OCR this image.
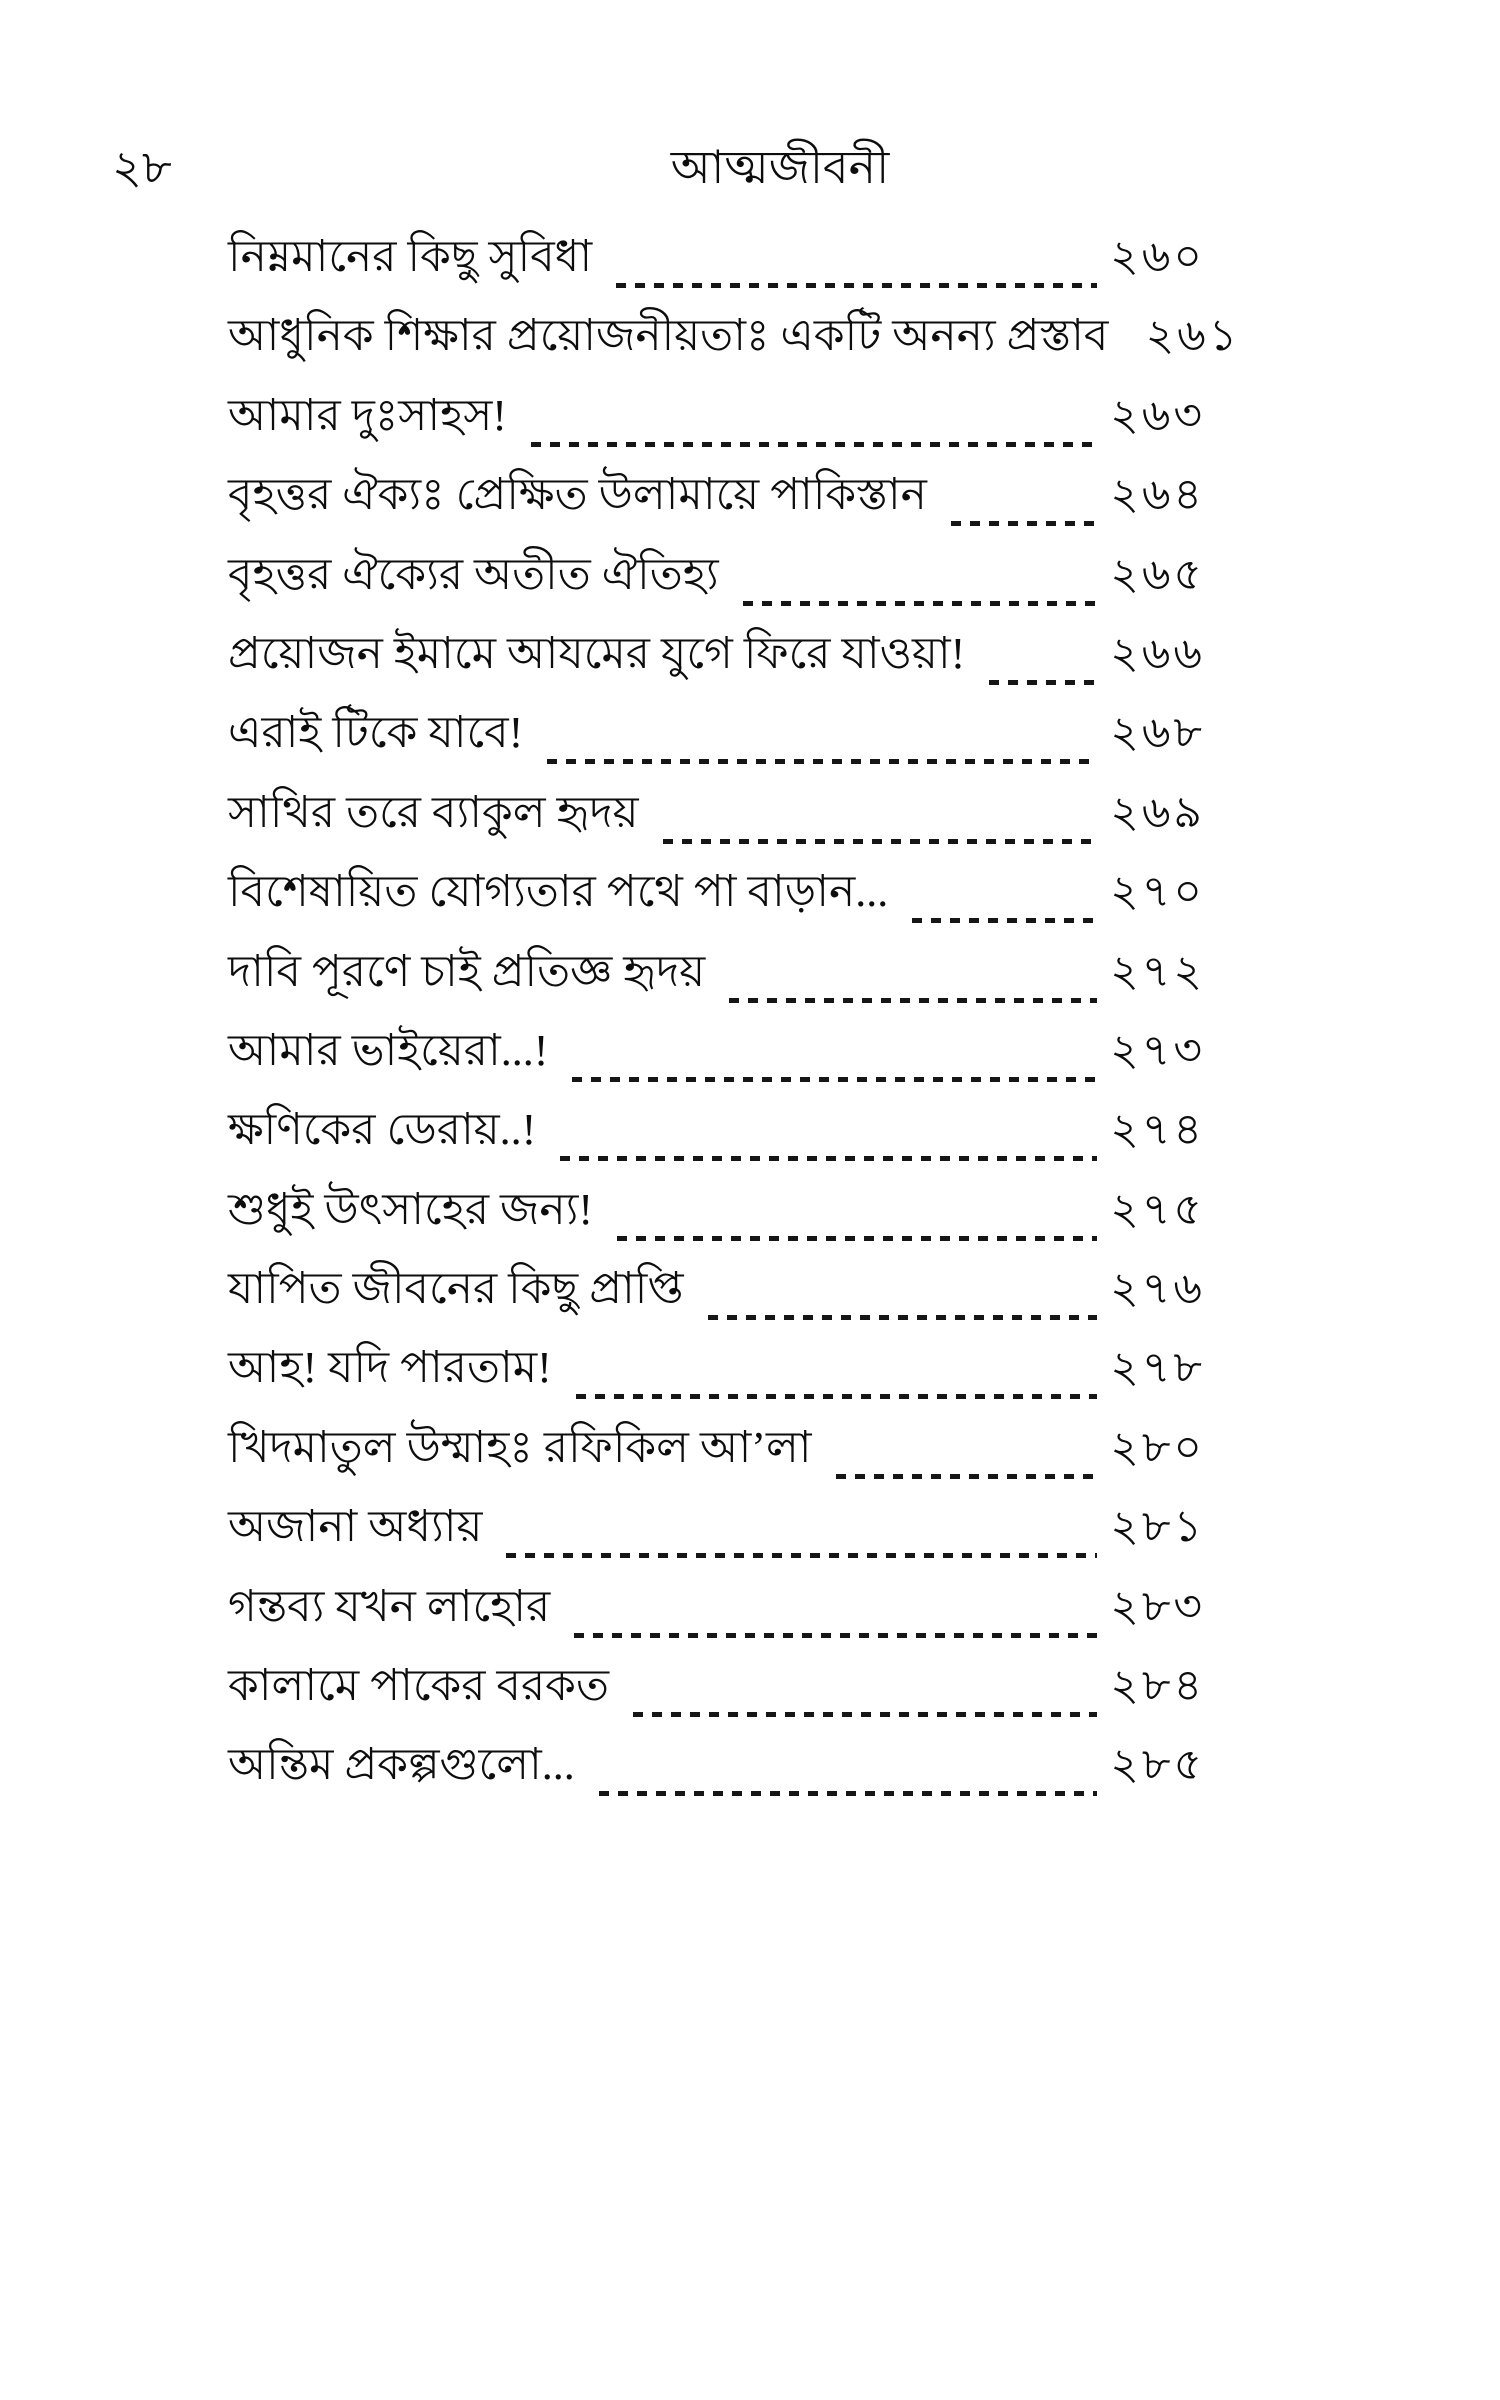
২৮	আত্মজীবনী
নিম্নমানের কিছু সুবিধা	২৬০
আধুনিক শিক্ষার প্রয়োজনীয়তাঃ একটি অনন্য প্রস্তাব ২৬১
আমার দুঃসাহস!	২৬৩
বৃহত্তর ঐক্যঃ প্রেক্ষিত উলামায়ে পাকিস্তান	২৬৪
বৃহত্তর ঐক্যের অতীত ঐতিহ্য	২৬৫
প্রয়োজন ইমামে আযমের যুগে ফিরে যাওয়া!	২৬৬
এরাই টিকে যাবে!	২৬৮
সাথির তরে ব্যাকুল হৃদয়	২৬৯
বিশেষায়িত যোগ্যতার পথে পা বাড়ান...	২৭০
দাবি পূরণে চাই প্রতিজ্ঞ হৃদয়	২৭২
আমার ভাইয়েরা...!	২৭৩
ক্ষণিকের ডেরায়..!	২৭৪
শুধুই উৎসাহের জন্য!	২৭৫
যাপিত জীবনের কিছু প্রাপ্তি	২৭৬
আহ! যদি পারতাম!	২৭৮
খিদমাতুল উম্মাহঃ রফিকিল আ’লা	২৮০
অজানা অধ্যায়	২৮১
গন্তব্য যখন লাহোর	২৮৩
কালামে পাকের বরকত	২৮৪
অন্তিম প্রকল্পগুলো...	২৮৫
